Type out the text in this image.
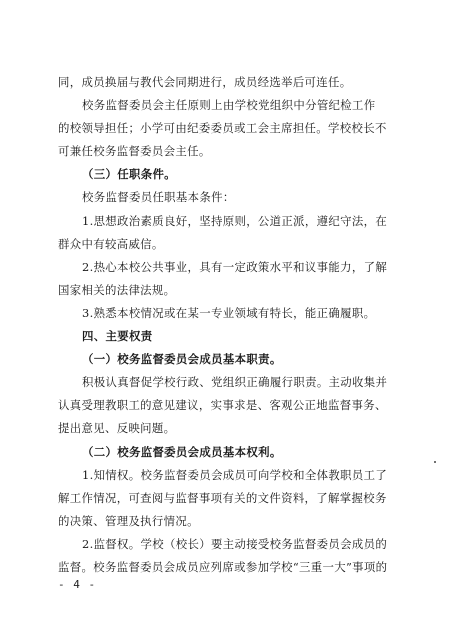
同，成员换届与教代会同期进行，成员经选举后可连任。
校务监督委员会主任原则上由学校党组织中分管纪检工作
的校领导担任；小学可由纪委委员或工会主席担任。学校校长不
可兼任校务监督委员会主任。
（三）任职条件。
校务监督委员任职基本条件：
1.思想政治素质良好，坚持原则，公道正派，遵纪守法，在
群众中有较高威信。
2.热心本校公共事业，具有一定政策水平和议事能力，了解
国家相关的法律法规。
3.熟悉本校情况或在某一专业领域有特长，能正确履职。
四、主要权责
（一）校务监督委员会成员基本职责。
积极认真督促学校行政、党组织正确履行职责。主动收集并
认真受理教职工的意见建议，实事求是、客观公正地监督事务、
提出意见、反映问题。
（二）校务监督委员会成员基本权利。
1.知情权。校务监督委员会成员可向学校和全体教职员工了
解工作情况，可查阅与监督事项有关的文件资料，了解掌握校务
的决策、管理及执行情况。
2.监督权。学校（校长）要主动接受校务监督委员会成员的
监督。校务监督委员会成员应列席或参加学校“三重一大”事项的
- 4 -
